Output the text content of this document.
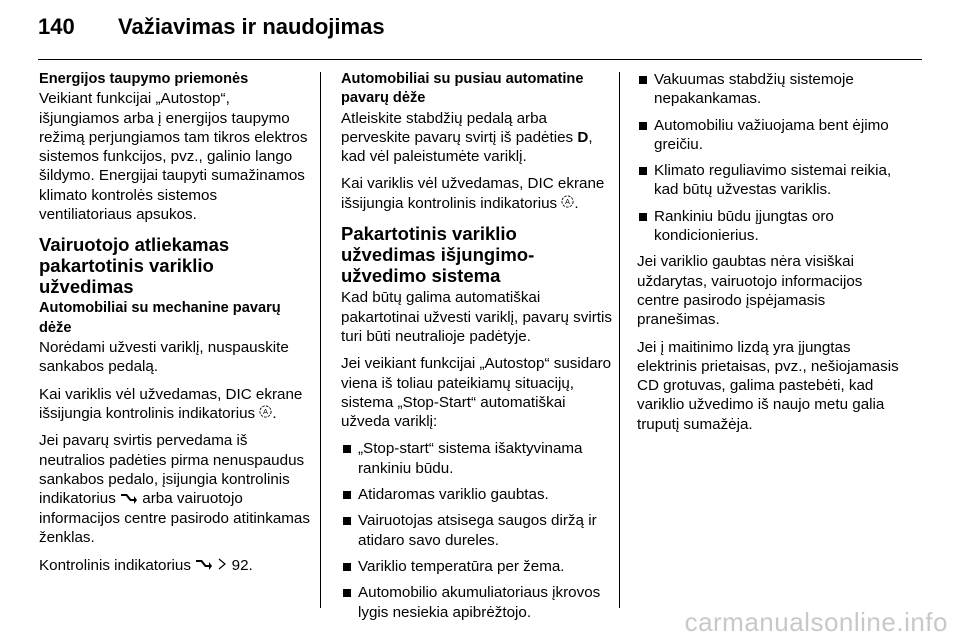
140	Važiavimas ir naudojimas
Energijos taupymo priemonės

Veikiant funkcijai „Autostop“, išjungiamos arba į energijos taupymo režimą perjungiamos tam tikros elektros sistemos funkcijos, pvz., galinio lango šildymo. Energijai taupyti sumažinamos klimato kontrolės sistemos ventiliatoriaus apsukos.

Vairuotojo atliekamas pakartotinis variklio užvedimas
Automobiliai su mechanine pavarų dėže

Norėdami užvesti variklį, nuspauskite sankabos pedalą.

Kai variklis vėl užvedamas, DIC ekrane išsijungia kontrolinis indikatorius A .

Jei pavarų svirtis pervedama iš neutralios padėties pirma nenuspaudus sankabos pedalo, įsijungia kontrolinis indikatorius arba vairuotojo informacijos centre pasirodo atitinkamas ženklas.

Kontrolinis indikatorius	92.

Automobiliai su pusiau automatine pavarų dėže

Atleiskite stabdžių pedalą arba perveskite pavarų svirtį iš padėties D, kad vėl paleistumėte variklį.

Kai variklis vėl užvedamas, DIC ekrane išsijungia kontrolinis indikatorius A .

Pakartotinis variklio užvedimas išjungimo-užvedimo sistema

Kad būtų galima automatiškai pakartotinai užvesti variklį, pavarų svirtis turi būti neutralioje padėtyje.

Jei veikiant funkcijai „Autostop“ susidaro viena iš toliau pateikiamų situacijų, sistema „Stop-Start“ automatiškai užveda variklį:

„Stop-start“ sistema išaktyvinama rankiniu būdu.
Atidaromas variklio gaubtas.
Vairuotojas atsisega saugos diržą ir atidaro savo dureles.
Variklio temperatūra per žema.
Automobilio akumuliatoriaus įkrovos lygis nesiekia apibrėžtojo.
Vakuumas stabdžių sistemoje nepakankamas.
Automobiliu važiuojama bent ėjimo greičiu.
Klimato reguliavimo sistemai reikia, kad būtų užvestas variklis.
Rankiniu būdu įjungtas oro kondicionierius.

Jei variklio gaubtas nėra visiškai uždarytas, vairuotojo informacijos centre pasirodo įspėjamasis pranešimas.

Jei į maitinimo lizdą yra įjungtas elektrinis prietaisas, pvz., nešiojamasis CD grotuvas, galima pastebėti, kad variklio užvedimo iš naujo metu galia truputį sumažėja.

carmanualsonline.info
